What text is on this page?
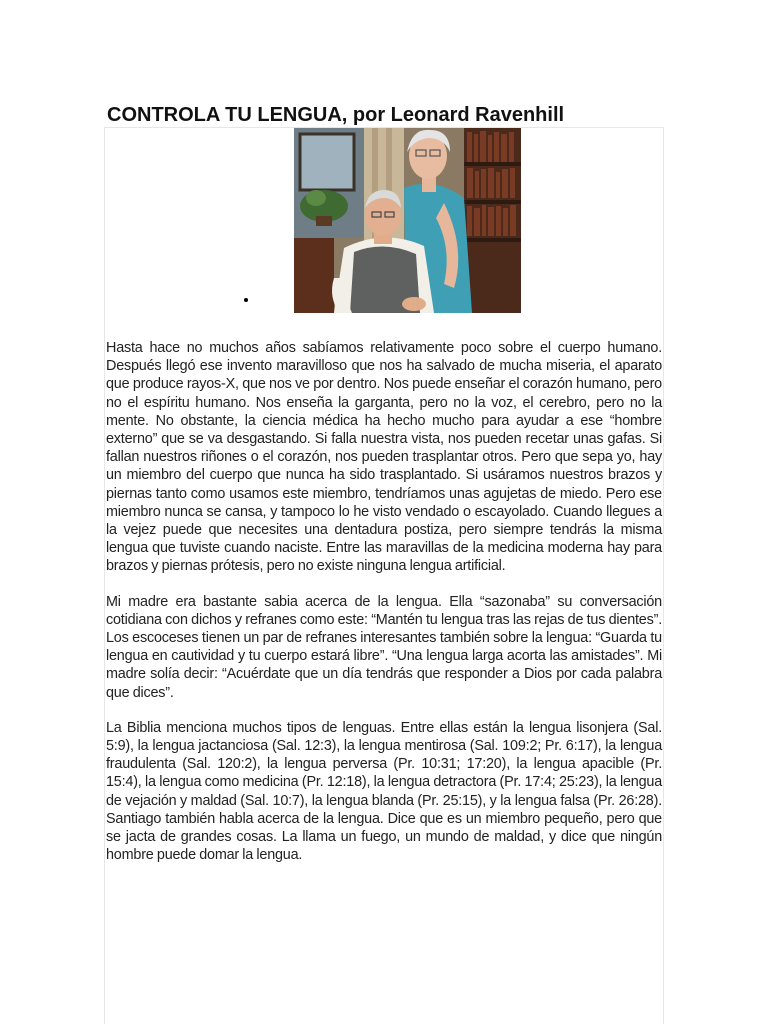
CONTROLA TU LENGUA, por Leonard Ravenhill

Hasta hace no muchos años sabíamos relativamente poco sobre el cuerpo humano. Después llegó ese invento maravilloso que nos ha salvado de mucha miseria, el aparato que produce rayos-X, que nos ve por dentro. Nos puede enseñar el corazón humano, pero no el espíritu humano. Nos enseña la garganta, pero no la voz, el cerebro, pero no la mente. No obstante, la ciencia médica ha hecho mucho para ayudar a ese “hombre externo” que se va desgastando. Si falla nuestra vista, nos pueden recetar unas gafas. Si fallan nuestros riñones o el corazón, nos pueden trasplantar otros. Pero que sepa yo, hay un miembro del cuerpo que nunca ha sido trasplantado. Si usáramos nuestros brazos y piernas tanto como usamos este miembro, tendríamos unas agujetas de miedo. Pero ese miembro nunca se cansa, y tampoco lo he visto vendado o escayolado. Cuando llegues a la vejez puede que necesites una dentadura postiza, pero siempre tendrás la misma lengua que tuviste cuando naciste. Entre las maravillas de la medicina moderna hay para brazos y piernas prótesis, pero no existe ninguna lengua artificial.

Mi madre era bastante sabia acerca de la lengua. Ella “sazonaba” su conversación cotidiana con dichos y refranes como este: “Mantén tu lengua tras las rejas de tus dientes”. Los escoceses tienen un par de refranes interesantes también sobre la lengua: “Guarda tu lengua en cautividad y tu cuerpo estará libre”. “Una lengua larga acorta las amistades”. Mi madre solía decir: “Acuérdate que un día tendrás que responder a Dios por cada palabra que dices”.

La Biblia menciona muchos tipos de lenguas. Entre ellas están la lengua lisonjera (Sal. 5:9), la lengua jactanciosa (Sal. 12:3), la lengua mentirosa (Sal. 109:2; Pr. 6:17), la lengua fraudulenta (Sal. 120:2), la lengua perversa (Pr. 10:31; 17:20), la lengua apacible (Pr. 15:4), la lengua como medicina (Pr. 12:18), la lengua detractora (Pr. 17:4; 25:23), la lengua de vejación y maldad (Sal. 10:7), la lengua blanda (Pr. 25:15), y la lengua falsa (Pr. 26:28). Santiago también habla acerca de la lengua. Dice que es un miembro pequeño, pero que se jacta de grandes cosas. La llama un fuego, un mundo de maldad, y dice que ningún hombre puede domar la lengua.
